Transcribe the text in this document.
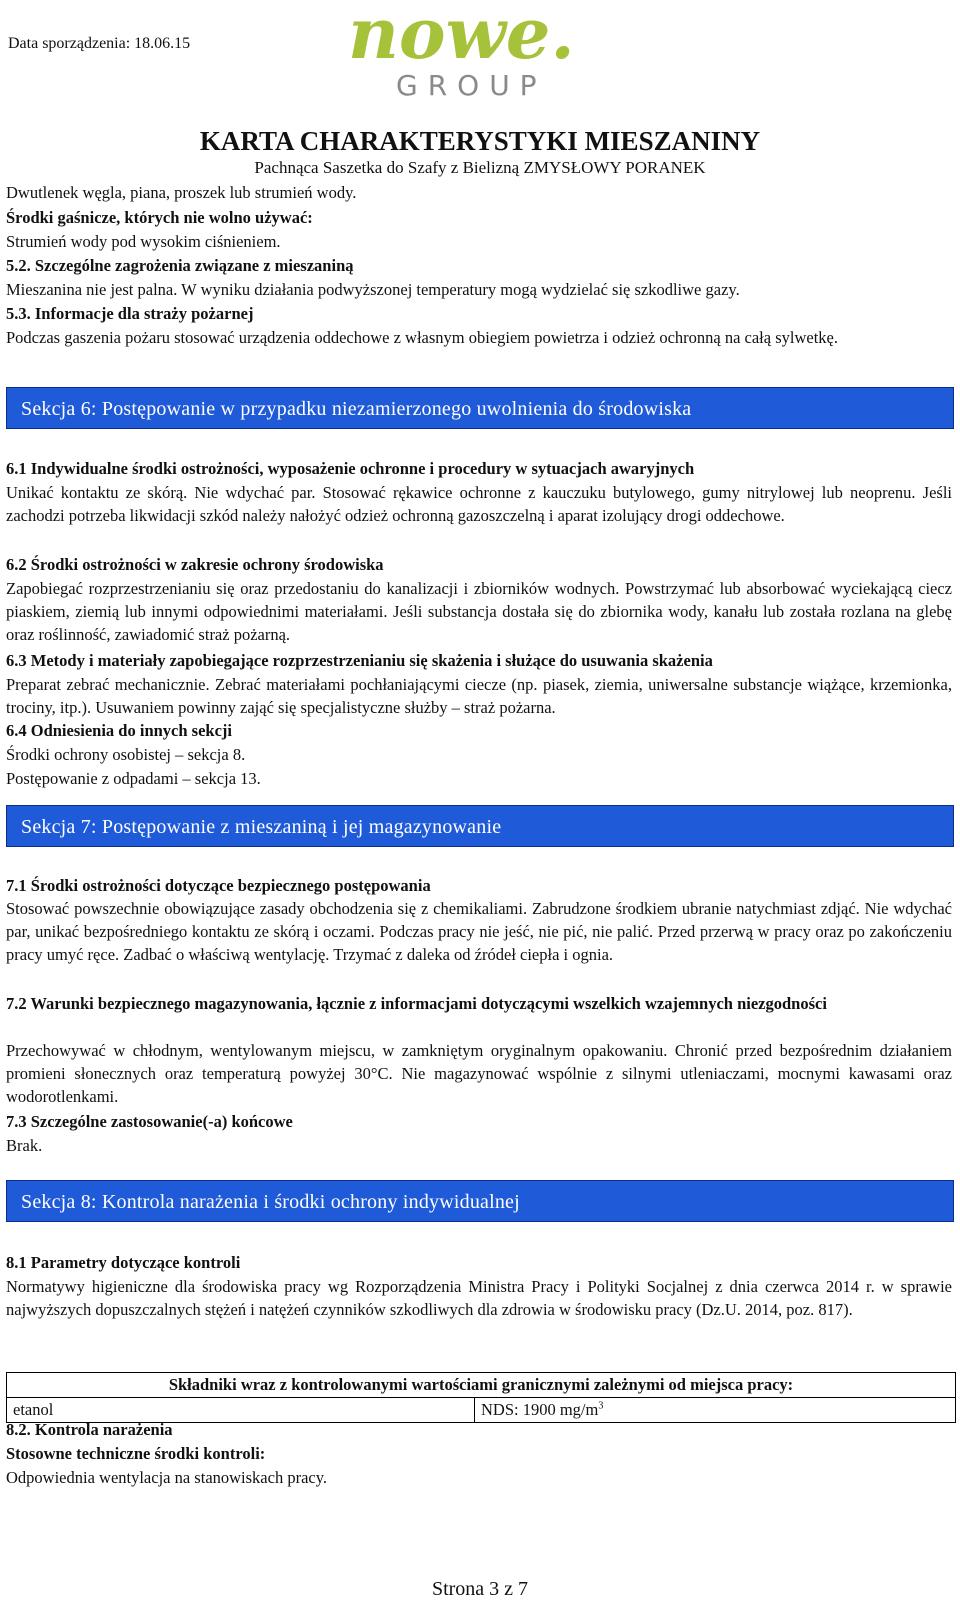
Data sporządzenia: 18.06.15 nowe.
GROUP
KARTA CHARAKTERYSTYKI MIESZANINY
Pachnąca Saszetka do Szafy z Bielizną ZMYSŁOWY PORANEK
Dwutlenek węgla, piana, proszek lub strumień wody.
Środki gaśnicze, których nie wolno używać:
Strumień wody pod wysokim ciśnieniem.
5.2. Szczególne zagrożenia związane z mieszaniną
Mieszanina nie jest palna. W wyniku działania podwyższonej temperatury mogą wydzielać się szkodliwe gazy.
5.3. Informacje dla straży pożarnej
Podczas gaszenia pożaru stosować urządzenia oddechowe z własnym obiegiem powietrza i odzież ochronną na całą sylwetkę.
Sekcja 6: Postępowanie w przypadku niezamierzonego uwolnienia do środowiska
6.1 Indywidualne środki ostrożności, wyposażenie ochronne i procedury w sytuacjach awaryjnych
Unikać kontaktu ze skórą. Nie wdychać par. Stosować rękawice ochronne z kauczuku butylowego, gumy nitrylowej lub neoprenu. Jeśli zachodzi potrzeba likwidacji szkód należy nałożyć odzież ochronną gazoszczelną i aparat izolujący drogi oddechowe.
6.2 Środki ostrożności w zakresie ochrony środowiska
Zapobiegać rozprzestrzenianiu się oraz przedostaniu do kanalizacji i zbiorników wodnych. Powstrzymać lub absorbować wyciekającą ciecz piaskiem, ziemią lub innymi odpowiednimi materiałami. Jeśli substancja dostała się do zbiornika wody, kanału lub została rozlana na glebę oraz roślinność, zawiadomić straż pożarną.
6.3 Metody i materiały zapobiegające rozprzestrzenianiu się skażenia i służące do usuwania skażenia
Preparat zebrać mechanicznie. Zebrać materiałami pochłaniającymi ciecze (np. piasek, ziemia, uniwersalne substancje wiążące, krzemionka, trociny, itp.). Usuwaniem powinny zająć się specjalistyczne służby – straż pożarna.
6.4 Odniesienia do innych sekcji
Środki ochrony osobistej – sekcja 8.
Postępowanie z odpadami – sekcja 13.
Sekcja 7: Postępowanie z mieszaniną i jej magazynowanie
7.1 Środki ostrożności dotyczące bezpiecznego postępowania
Stosować powszechnie obowiązujące zasady obchodzenia się z chemikaliami. Zabrudzone środkiem ubranie natychmiast zdjąć. Nie wdychać par, unikać bezpośredniego kontaktu ze skórą i oczami. Podczas pracy nie jeść, nie pić, nie palić. Przed przerwą w pracy oraz po zakończeniu pracy umyć ręce. Zadbać o właściwą wentylację. Trzymać z daleka od źródeł ciepła i ognia.
7.2 Warunki bezpiecznego magazynowania, łącznie z informacjami dotyczącymi wszelkich wzajemnych niezgodności
Przechowywać w chłodnym, wentylowanym miejscu, w zamkniętym oryginalnym opakowaniu. Chronić przed bezpośrednim działaniem promieni słonecznych oraz temperaturą powyżej 30°C. Nie magazynować wspólnie z silnymi utleniaczami, mocnymi kawasami oraz wodorotlenkami.
7.3 Szczególne zastosowanie(-a) końcowe
Brak.
Sekcja 8: Kontrola narażenia i środki ochrony indywidualnej
8.1 Parametry dotyczące kontroli
Normatywy higieniczne dla środowiska pracy wg Rozporządzenia Ministra Pracy i Polityki Socjalnej z dnia czerwca 2014 r. w sprawie najwyższych dopuszczalnych stężeń i natężeń czynników szkodliwych dla zdrowia w środowisku pracy (Dz.U. 2014, poz. 817).
Składniki wraz z kontrolowanymi wartościami granicznymi zależnymi od miejsca pracy:
etanol	NDS: 1900 $mg/m^3$
8.2. Kontrola narażenia
Stosowne techniczne środki kontroli:
Odpowiednia wentylacja na stanowiskach pracy.
Strona 3 z 7
